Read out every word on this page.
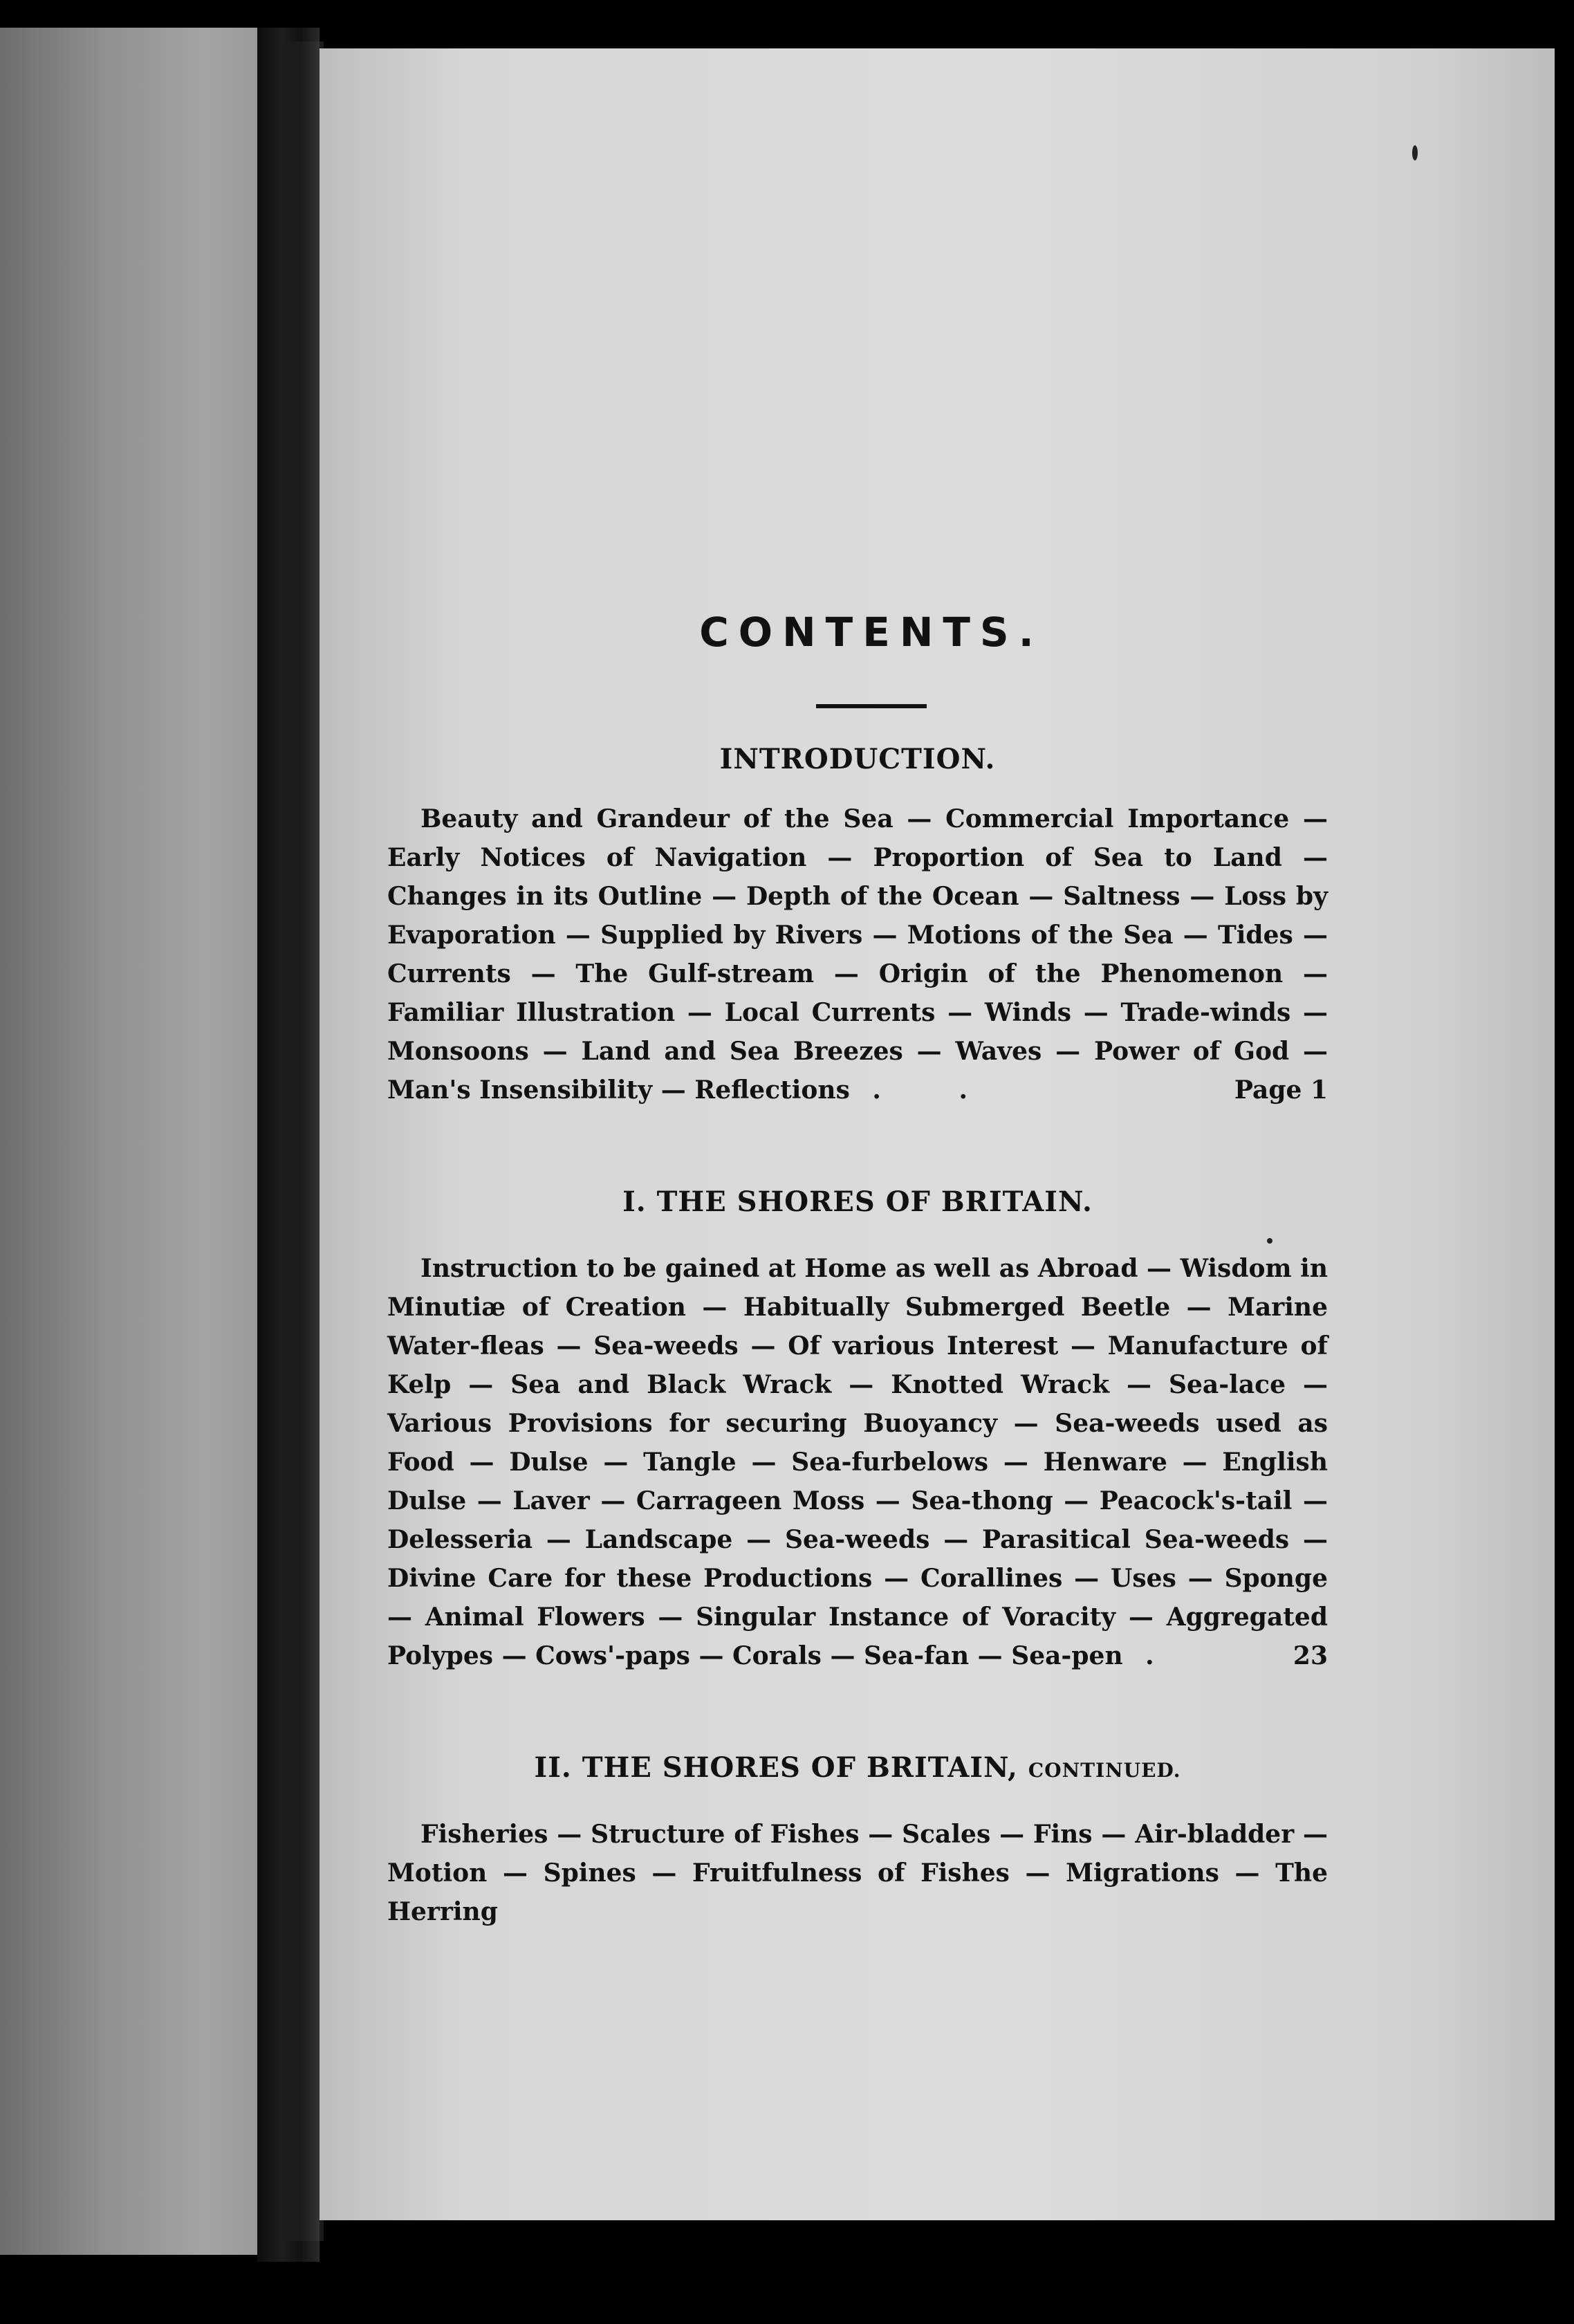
CONTENTS.
INTRODUCTION.

Beauty and Grandeur of the Sea — Commercial Importance — Early Notices of Navigation — Proportion of Sea to Land — Changes in its Outline — Depth of the Ocean — Saltness — Loss by Evaporation — Supplied by Rivers — Motions of the Sea — Tides — Currents — The Gulf-stream — Origin of the Phenomenon — Familiar Illustration — Local Currents — Winds — Trade-winds — Monsoons — Land and Sea Breezes — Waves — Power of God — Man's Insensibility — Reflections . .	Page 1

I. THE SHORES OF BRITAIN.

Instruction to be gained at Home as well as Abroad — Wisdom in Minutiæ of Creation — Habitually Submerged Beetle — Marine Water-fleas — Sea-weeds — Of various Interest — Manufacture of Kelp — Sea and Black Wrack — Knotted Wrack — Sea-lace — Various Provisions for securing Buoyancy — Sea-weeds used as Food — Dulse — Tangle — Sea-furbelows — Henware — English Dulse — Laver — Carrageen Moss — Sea-thong — Peacock's-tail — Delesseria — Landscape — Sea-weeds — Parasitical Sea-weeds — Divine Care for these Productions — Corallines — Uses — Sponge — Animal Flowers — Singular Instance of Voracity — Aggregated Polypes — Cows'-paps — Corals — Sea-fan — Sea-pen .	23

II. THE SHORES OF BRITAIN, CONTINUED.

Fisheries — Structure of Fishes — Scales — Fins — Air-bladder — Motion — Spines — Fruitfulness of Fishes — Migrations — The Herring
